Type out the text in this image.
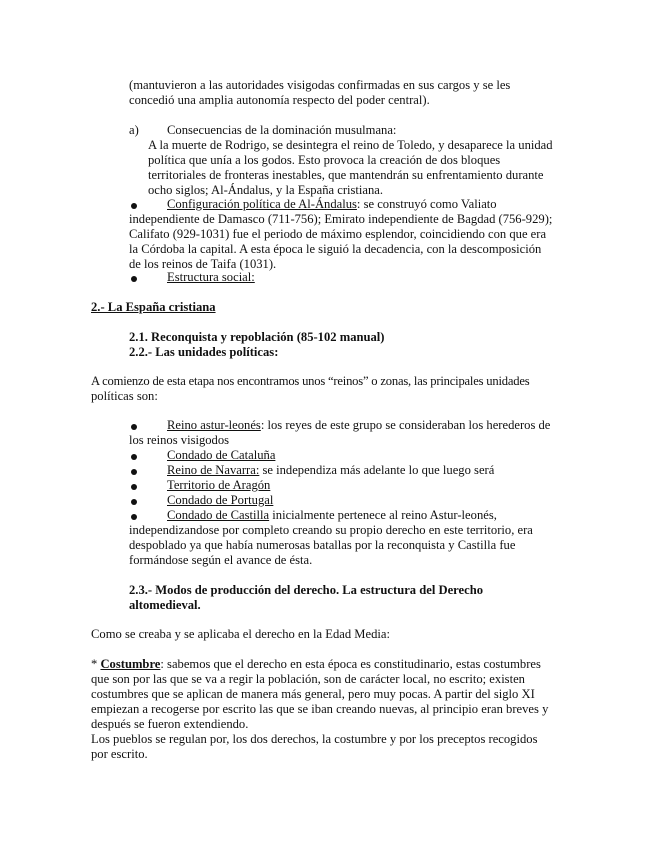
(mantuvieron a las autoridades visigodas confirmadas en sus cargos y se les

concedió una amplia autonomía respecto del poder central).

a) Consecuencias de la dominación musulmana:

A la muerte de Rodrigo, se desintegra el reino de Toledo, y desaparece la unidad

política que unía a los godos. Esto provoca la creación de dos bloques

territoriales de fronteras inestables, que mantendrán su enfrentamiento durante

ocho siglos; Al-Ándalus, y la España cristiana.

Configuración política de Al-Ándalus: se construyó como Valiato

independiente de Damasco (711-756); Emirato independiente de Bagdad (756-929);

Califato (929-1031) fue el periodo de máximo esplendor, coincidiendo con que era

la Córdoba la capital. A esta época le siguió la decadencia, con la descomposición

de los reinos de Taifa (1031).

Estructura social:

2.- La España cristiana

2.1. Reconquista y repoblación (85-102 manual)

2.2.- Las unidades políticas:

A comienzo de esta etapa nos encontramos unos “reinos” o zonas, las principales unidades

políticas son:

Reino astur-leonés: los reyes de este grupo se consideraban los herederos de

los reinos visigodos

Condado de Cataluña

Reino de Navarra: se independiza más adelante lo que luego será

Territorio de Aragón
Condado de Portugal

Condado de Castilla inicialmente pertenece al reino Astur-leonés,

independizandose por completo creando su propio derecho en este territorio, era

despoblado ya que había numerosas batallas por la reconquista y Castilla fue

formándose según el avance de ésta.

2.3.- Modos de producción del derecho. La estructura del Derecho

altomedieval.

Como se creaba y se aplicaba el derecho en la Edad Media:

* Costumbre: sabemos que el derecho en esta época es constitudinario, estas costumbres

que son por las que se va a regir la población, son de carácter local, no escrito; existen

costumbres que se aplican de manera más general, pero muy pocas. A partir del siglo XI

empiezan a recogerse por escrito las que se iban creando nuevas, al principio eran breves y

después se fueron extendiendo.

Los pueblos se regulan por, los dos derechos, la costumbre y por los preceptos recogidos

por escrito.
